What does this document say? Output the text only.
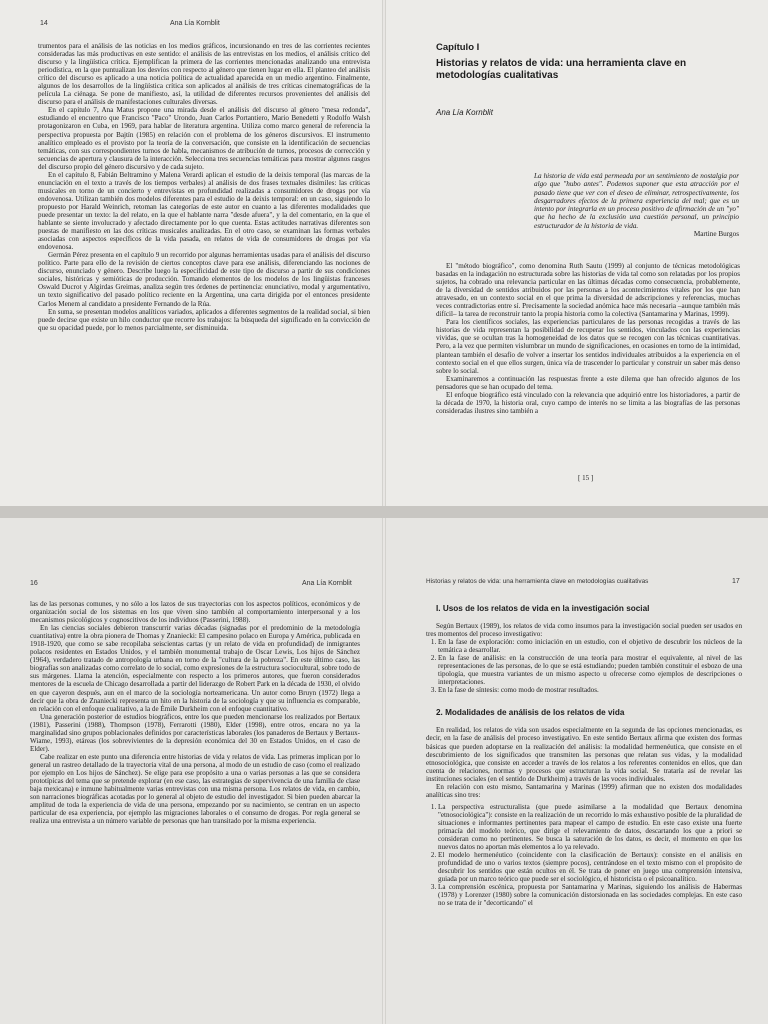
14	Ana Lía Kornblit

trumentos para el análisis de las noticias en los medios gráficos, incursionando en tres de las corrientes recientes consideradas las más productivas en este sentido: el análisis de las entrevistas en los medios, el análisis crítico del discurso y la lingüística crítica. Ejemplifican la primera de las corrientes mencionadas analizando una entrevista periodística, en la que puntualizan los desvíos con respecto al género que tienen lugar en ella. El planteo del análisis crítico del discurso es aplicado a una noticia política de actualidad aparecida en un medio argentino. Finalmente, algunos de los desarrollos de la lingüística crítica son aplicados al análisis de tres críticas cinematográficas de la película La ciénaga. Se pone de manifiesto, así, la utilidad de diferentes recursos provenientes del análisis del discurso para el análisis de manifestaciones culturales diversas.

En el capítulo 7, Ana Matus propone una mirada desde el análisis del discurso al género "mesa redonda", estudiando el encuentro que Francisco "Paco" Urondo, Juan Carlos Portantiero, Mario Benedetti y Rodolfo Walsh protagonizaron en Cuba, en 1969, para hablar de literatura argentina. Utiliza como marco general de referencia la perspectiva propuesta por Bajtín (1985) en relación con el problema de los géneros discursivos. El instrumento analítico empleado es el provisto por la teoría de la conversación, que consiste en la identificación de secuencias temáticas, con sus correspondientes turnos de habla, mecanismos de atribución de turnos, procesos de corrección y secuencias de apertura y clausura de la interacción. Selecciona tres secuencias temáticas para mostrar algunos rasgos del discurso propio del género discursivo y de cada sujeto.

En el capítulo 8, Fabián Beltramino y Malena Verardi aplican el estudio de la deixis temporal (las marcas de la enunciación en el texto a través de los tiempos verbales) al análisis de dos frases textuales disímiles: las críticas musicales en torno de un concierto y entrevistas en profundidad realizadas a consumidores de drogas por vía endovenosa. Utilizan también dos modelos diferentes para el estudio de la deixis temporal: en un caso, siguiendo lo propuesto por Harald Weinrich, retoman las categorías de este autor en cuanto a las diferentes modalidades que puede presentar un texto: la del relato, en la que el hablante narra "desde afuera", y la del comentario, en la que el hablante se siente involucrado y afectado directamente por lo que cuenta. Estas actitudes narrativas diferentes son puestas de manifiesto en las dos críticas musicales analizadas. En el otro caso, se examinan las formas verbales asociadas con aspectos específicos de la vida pasada, en relatos de vida de consumidores de drogas por vía endovenosa.

Germán Pérez presenta en el capítulo 9 un recorrido por algunas herramientas usadas para el análisis del discurso político. Parte para ello de la revisión de ciertos conceptos clave para ese análisis, diferenciando las nociones de discurso, enunciado y género. Describe luego la especificidad de este tipo de discurso a partir de sus condiciones sociales, históricas y semióticas de producción. Tomando elementos de los modelos de los lingüistas franceses Oswald Ducrot y Algirdas Greimas, analiza según tres órdenes de pertinencia: enunciativo, modal y argumentativo, un texto significativo del pasado político reciente en la Argentina, una carta dirigida por el entonces presidente Carlos Menem al candidato a presidente Fernando de la Rúa.

En suma, se presentan modelos analíticos variados, aplicados a diferentes segmentos de la realidad social, si bien puede decirse que existe un hilo conductor que recorre los trabajos: la búsqueda del significado en la convicción de que su opacidad puede, por lo menos parcialmente, ser disminuida.

Capítulo I
Historias y relatos de vida: una herramienta clave en metodologías cualitativas
Ana Lía Kornblit
La historia de vida está permeada por un sentimiento de nostalgia por algo que "hubo antes". Podemos suponer que esta atracción por el pasado tiene que ver con el deseo de eliminar, retrospectivamente, los desgarradores efectos de la primera experiencia del mal; que es un intento por integrarla en un proceso positivo de afirmación de un "yo" que ha hecho de la exclusión una cuestión personal, un principio estructurador de la historia de vida.
Martine Burgos

El "método biográfico", como denomina Ruth Sautu (1999) al conjunto de técnicas metodológicas basadas en la indagación no estructurada sobre las historias de vida tal como son relatadas por los propios sujetos, ha cobrado una relevancia particular en las últimas décadas como consecuencia, probablemente, de la diversidad de sentidos atribuidos por las personas a los acontecimientos vitales por los que han atravesado, en un contexto social en el que prima la diversidad de adscripciones y referencias, muchas veces contradictorias entre sí. Precisamente la sociedad anómica hace más necesaria –aunque también más difícil– la tarea de reconstruir tanto la propia historia como la colectiva (Santamarina y Marinas, 1999).

Para los científicos sociales, las experiencias particulares de las personas recogidas a través de las historias de vida representan la posibilidad de recuperar los sentidos, vinculados con las experiencias vividas, que se ocultan tras la homogeneidad de los datos que se recogen con las técnicas cuantitativas. Pero, a la vez que permiten vislumbrar un mundo de significaciones, en ocasiones en torno de la intimidad, plantean también el desafío de volver a insertar los sentidos individuales atribuidos a la experiencia en el contexto social en el que ellos surgen, única vía de trascender lo particular y construir un saber más denso sobre lo social.

Examinaremos a continuación las respuestas frente a este dilema que han ofrecido algunos de los pensadores que se han ocupado del tema.

El enfoque biográfico está vinculado con la relevancia que adquirió entre los historiadores, a partir de la década de 1970, la historia oral, cuyo campo de interés no se limita a las biografías de las personas consideradas ilustres sino también a

[ 15 ]
16	Ana Lía Kornblit

las de las personas comunes, y no sólo a los lazos de sus trayectorias con los aspectos políticos, económicos y de organización social de los sistemas en los que viven sino también al comportamiento interpersonal y a los mecanismos psicológicos y cognoscitivos de los individuos (Passerini, 1988).

En las ciencias sociales debieron transcurrir varias décadas (signadas por el predominio de la metodología cuantitativa) entre la obra pionera de Thomas y Znaniecki: El campesino polaco en Europa y América, publicada en 1918-1920, que como se sabe recopilaba seiscientas cartas (y un relato de vida en profundidad) de inmigrantes polacos residentes en Estados Unidos, y el también monumental trabajo de Oscar Lewis, Los hijos de Sánchez (1964), verdadero tratado de antropología urbana en torno de la "cultura de la pobreza". En este último caso, las biografías son analizadas como correlato de lo social, como expresiones de la estructura sociocultural, sobre todo de sus márgenes. Llama la atención, especialmente con respecto a los primeros autores, que fueron considerados mentores de la escuela de Chicago desarrollada a partir del liderazgo de Robert Park en la década de 1930, el olvido en que cayeron después, aun en el marco de la sociología norteamericana. Un autor como Bruyn (1972) llega a decir que la obra de Znaniecki representa un hito en la historia de la sociología y que su influencia es comparable, en relación con el enfoque cualitativo, a la de Émile Durkheim con el enfoque cuantitativo.

Una generación posterior de estudios biográficos, entre los que pueden mencionarse los realizados por Bertaux (1981), Passerini (1988), Thompson (1978), Ferrarotti (1980), Elder (1998), entre otros, encara no ya la marginalidad sino grupos poblacionales definidos por características laborales (los panaderos de Bertaux y Bertaux-Wiame, 1993), etáreas (los sobrevivientes de la depresión económica del 30 en Estados Unidos, en el caso de Elder).

Cabe realizar en este punto una diferencia entre historias de vida y relatos de vida. Las primeras implican por lo general un rastreo detallado de la trayectoria vital de una persona, al modo de un estudio de caso (como el realizado por ejemplo en Los hijos de Sánchez). Se elige para ese propósito a una o varias personas a las que se considera prototípicas del tema que se pretende explorar (en ese caso, las estrategias de supervivencia de una familia de clase baja mexicana) e inmune habitualmente varias entrevistas con una misma persona. Los relatos de vida, en cambio, son narraciones biográficas acotadas por lo general al objeto de estudio del investigador. Si bien pueden abarcar la amplitud de toda la experiencia de vida de una persona, empezando por su nacimiento, se centran en un aspecto particular de esa experiencia, por ejemplo las migraciones laborales o el consumo de drogas. Por regla general se realiza una entrevista a un número variable de personas que han transitado por la misma experiencia.

Historias y relatos de vida: una herramienta clave en metodologías cualitativas	17

I. Usos de los relatos de vida en la investigación social

Según Bertaux (1989), los relatos de vida como insumos para la investigación social pueden ser usados en tres momentos del proceso investigativo:

1. En la fase de exploración: como iniciación en un estudio, con el objetivo de descubrir los núcleos de la temática a desarrollar.
2. En la fase de análisis: en la construcción de una teoría para mostrar el equivalente, al nivel de las representaciones de las personas, de lo que se está estudiando; pueden también constituir el esbozo de una tipología, que muestra variantes de un mismo aspecto u ofrecerse como ejemplos de descripciones o interpretaciones.
3. En la fase de síntesis: como modo de mostrar resultados.

2. Modalidades de análisis de los relatos de vida

En realidad, los relatos de vida son usados especialmente en la segunda de las opciones mencionadas, es decir, en la fase de análisis del proceso investigativo. En este sentido Bertaux afirma que existen dos formas básicas que pueden adoptarse en la realización del análisis: la modalidad hermenéutica, que consiste en el descubrimiento de los significados que transmiten las personas que relatan sus vidas, y la modalidad etnosociológica, que consiste en acceder a través de los relatos a los referentes contenidos en ellos, que dan cuenta de relaciones, normas y procesos que estructuran la vida social. Se trataría así de revelar las instituciones sociales (en el sentido de Durkheim) a través de las voces individuales.

En relación con esto mismo, Santamarina y Marinas (1999) afirman que no existen dos modalidades analíticas sino tres:

1. La perspectiva estructuralista (que puede asimilarse a la modalidad que Bertaux denomina "etnosociológica"): consiste en la realización de un recorrido lo más exhaustivo posible de la pluralidad de situaciones e informantes pertinentes para mapear el campo de estudio. En este caso existe una fuerte primacía del modelo teórico, que dirige el relevamiento de datos, descartando los que a priori se consideran como no pertinentes. Se busca la saturación de los datos, es decir, el momento en que los nuevos datos no aportan más elementos a lo ya relevado.
2. El modelo hermenéutico (coincidente con la clasificación de Bertaux): consiste en el análisis en profundidad de uno o varios textos (siempre pocos), centrándose en el texto mismo con el propósito de descubrir los sentidos que están ocultos en él. Se trata de poner en juego una comprensión intensiva, guiada por un marco teórico que puede ser el sociológico, el historicista o el psicoanalítico.
3. La comprensión escénica, propuesta por Santamarina y Marinas, siguiendo los análisis de Habermas (1978) y Lorenzer (1980) sobre la comunicación distorsionada en las sociedades complejas. En este caso no se trata de ir "decorticando" el
